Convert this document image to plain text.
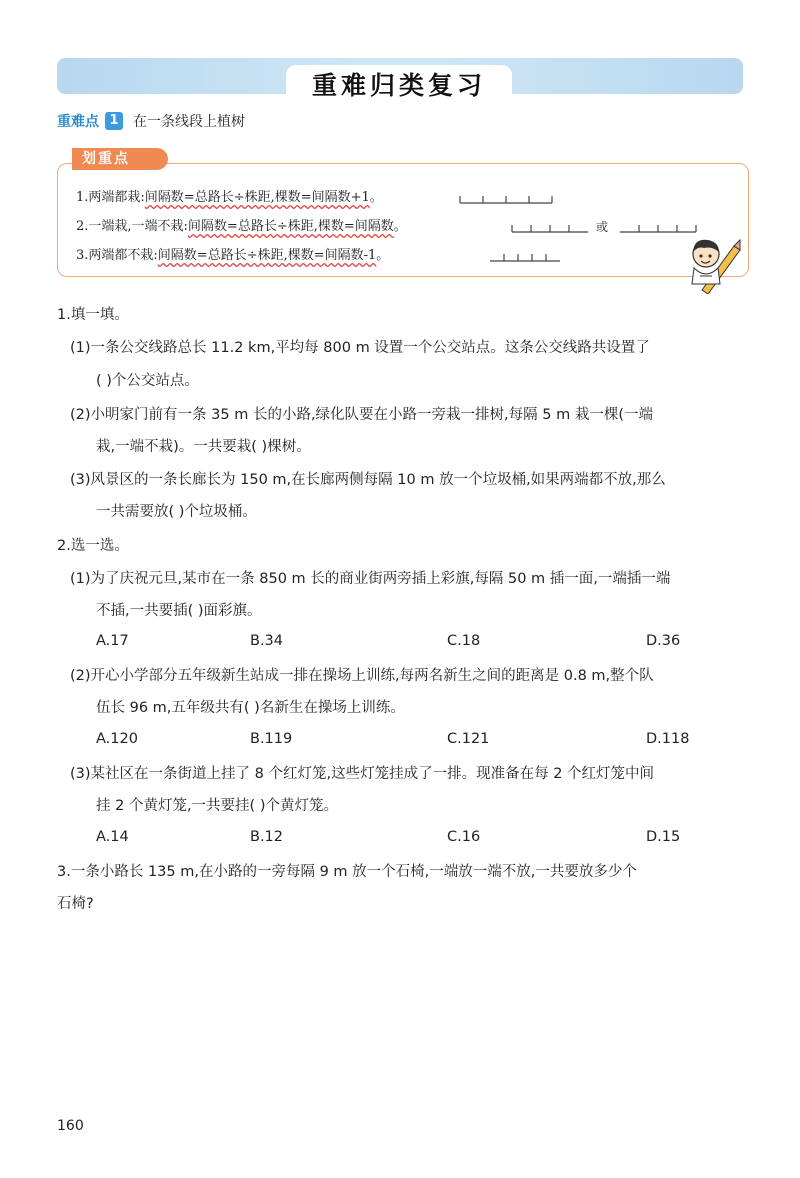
重难归类复习
重难点 1	在一条线段上植树
划重点
1.两端都栽:间隔数=总路长÷株距,棵数=间隔数+1。
2.一端栽,一端不栽:间隔数=总路长÷株距,棵数=间隔数。	或
3.两端都不栽:间隔数=总路长÷株距,棵数=间隔数-1。
1.填一填。
(1)一条公交线路总长 11.2 km,平均每 800 m 设置一个公交站点。这条公交线路共设置了
( )个公交站点。
(2)小明家门前有一条 35 m 长的小路,绿化队要在小路一旁栽一排树,每隔 5 m 栽一棵(一端
栽,一端不栽)。一共要栽( )棵树。
(3)风景区的一条长廊长为 150 m,在长廊两侧每隔 10 m 放一个垃圾桶,如果两端都不放,那么
一共需要放( )个垃圾桶。
2.选一选。
(1)为了庆祝元旦,某市在一条 850 m 长的商业街两旁插上彩旗,每隔 50 m 插一面,一端插一端
不插,一共要插( )面彩旗。
A.17	B.34	C.18	D.36
(2)开心小学部分五年级新生站成一排在操场上训练,每两名新生之间的距离是 0.8 m,整个队
伍长 96 m,五年级共有( )名新生在操场上训练。
A.120	B.119	C.121	D.118
(3)某社区在一条街道上挂了 8 个红灯笼,这些灯笼挂成了一排。现准备在每 2 个红灯笼中间
挂 2 个黄灯笼,一共要挂( )个黄灯笼。
A.14	B.12	C.16	D.15
3.一条小路长 135 m,在小路的一旁每隔 9 m 放一个石椅,一端放一端不放,一共要放多少个
石椅?
160
